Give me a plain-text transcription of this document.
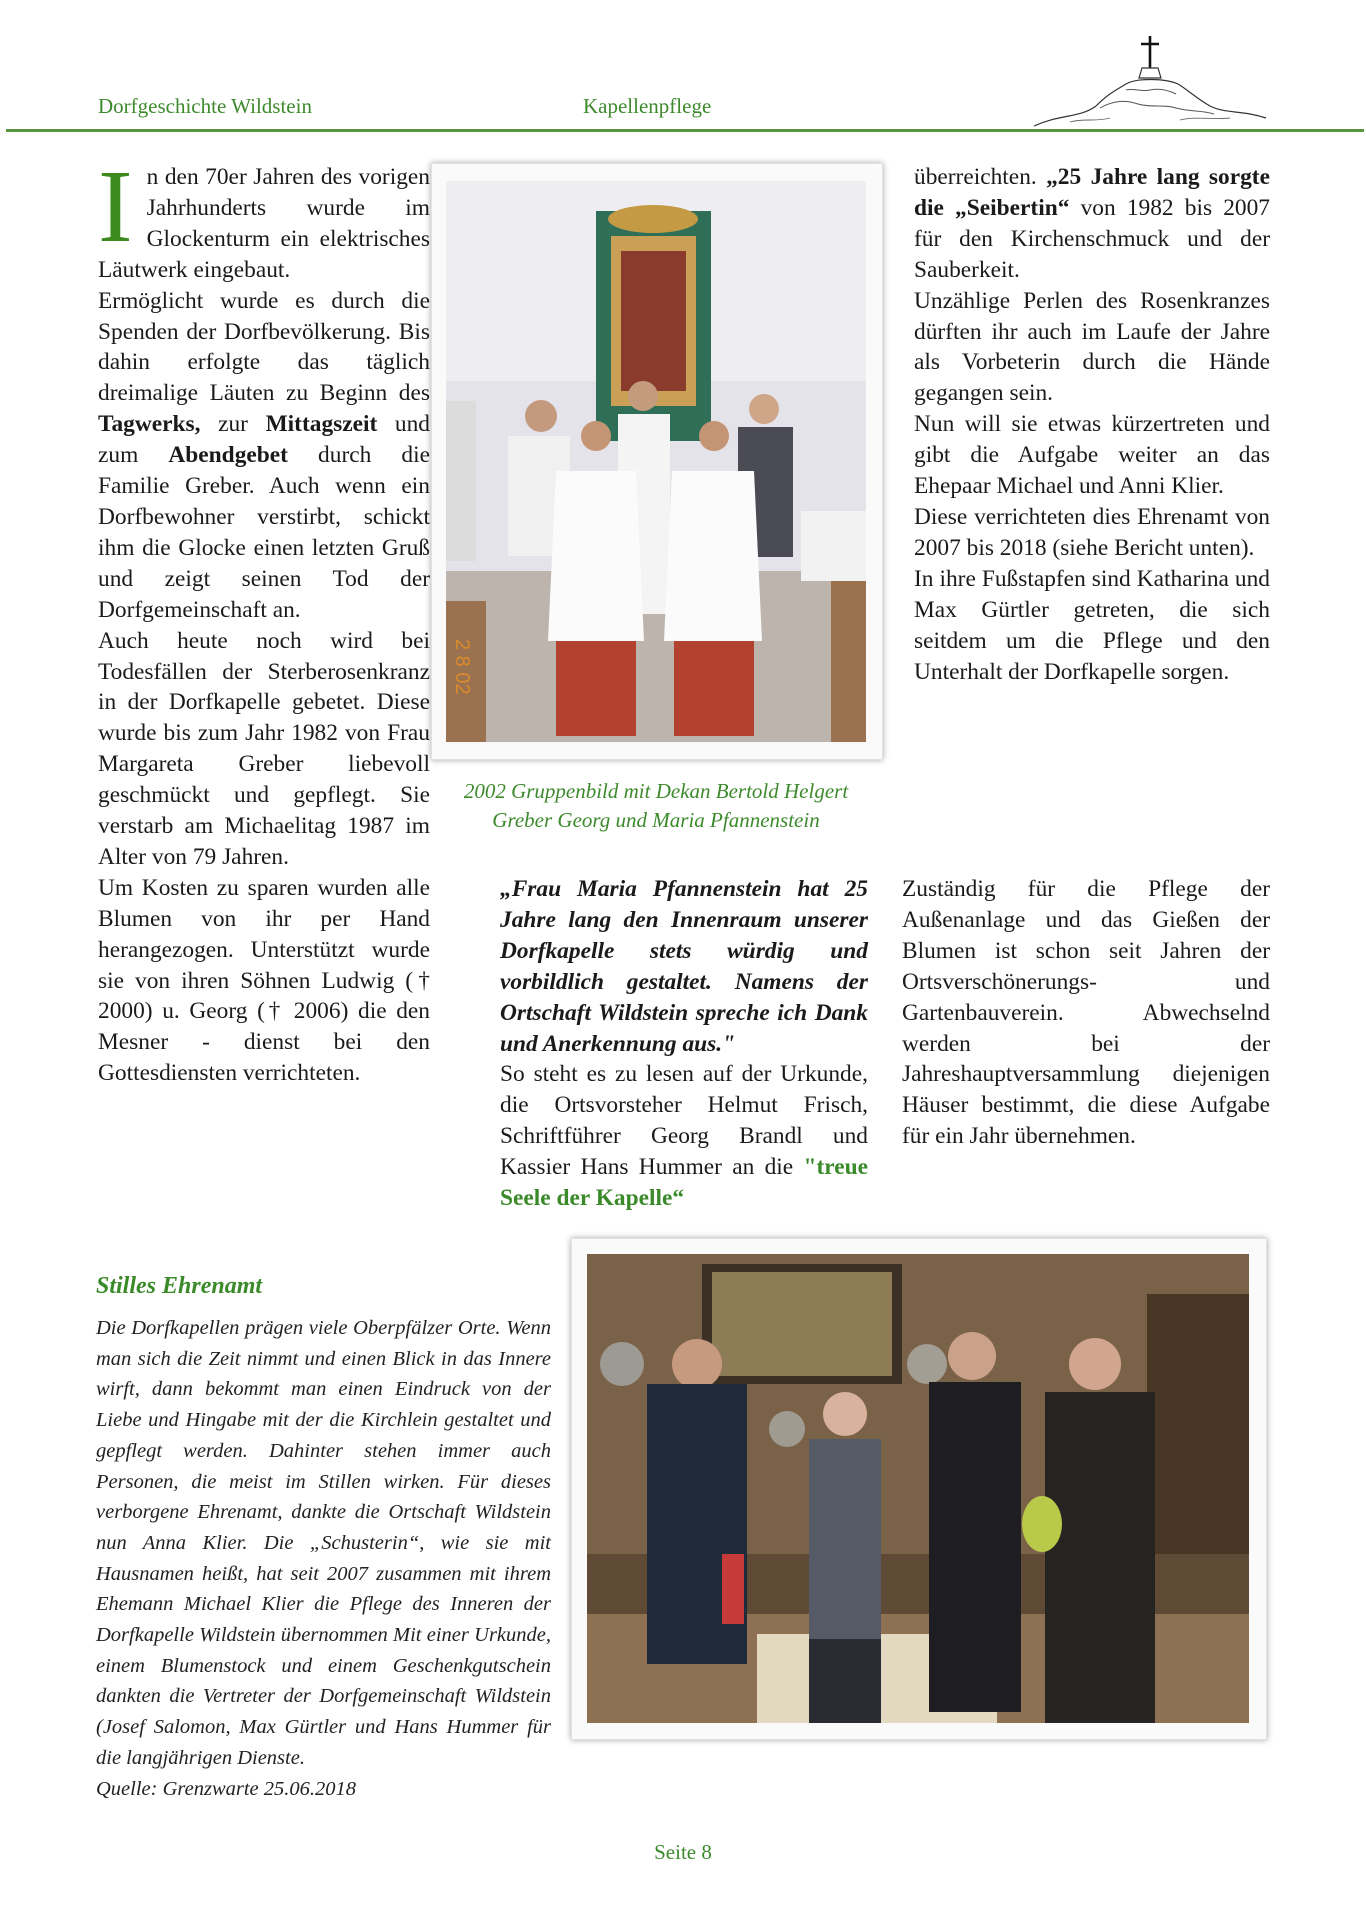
Dorfgeschichte Wildstein	Kapellenpflege

In den 70er Jahren des vorigen Jahrhunderts wurde im Glockenturm ein elektrisches Läutwerk eingebaut.

Ermöglicht wurde es durch die Spenden der Dorfbevölkerung. Bis dahin erfolgte das täglich dreimalige Läuten zu Beginn des Tagwerks, zur Mittagszeit und zum Abendgebet durch die Familie Greber. Auch wenn ein Dorfbewohner verstirbt, schickt ihm die Glocke einen letzten Gruß und zeigt seinen Tod der Dorfgemeinschaft an.

Auch heute noch wird bei Todesfällen der Sterberosenkranz in der Dorfkapelle gebetet. Diese wurde bis zum Jahr 1982 von Frau Margareta Greber liebevoll geschmückt und gepflegt. Sie verstarb am Michaelitag 1987 im Alter von 79 Jahren.

Um Kosten zu sparen wurden alle Blumen von ihr per Hand herangezogen. Unterstützt wurde sie von ihren Söhnen Ludwig († 2000) u. Georg († 2006) die den Mesner - dienst bei den Gottesdiensten verrichteten.

2 8 02
2002 Gruppenbild mit Dekan Bertold Helgert
Greber Georg und Maria Pfannenstein

„Frau Maria Pfannenstein hat 25 Jahre lang den Innenraum unserer Dorfkapelle stets würdig und vorbildlich gestaltet. Namens der Ortschaft Wildstein spreche ich Dank und Anerkennung aus."

So steht es zu lesen auf der Urkunde, die Ortsvorsteher Helmut Frisch, Schriftführer Georg Brandl und Kassier Hans Hummer an die "treue Seele der Kapelle“

überreichten. „25 Jahre lang sorgte die „Seibertin“ von 1982 bis 2007 für den Kirchenschmuck und der Sauberkeit.

Unzählige Perlen des Rosenkranzes dürften ihr auch im Laufe der Jahre als Vorbeterin durch die Hände gegangen sein.

Nun will sie etwas kürzertreten und gibt die Aufgabe weiter an das Ehepaar Michael und Anni Klier.

Diese verrichteten dies Ehrenamt von 2007 bis 2018 (siehe Bericht unten).

In ihre Fußstapfen sind Katharina und Max Gürtler getreten, die sich seitdem um die Pflege und den Unterhalt der Dorfkapelle sorgen.

Zuständig für die Pflege der Außenanlage und das Gießen der Blumen ist schon seit Jahren der Ortsverschönerungs- und Gartenbauverein. Abwechselnd werden bei der Jahreshauptversammlung diejenigen Häuser bestimmt, die diese Aufgabe für ein Jahr übernehmen.

Stilles Ehrenamt

Die Dorfkapellen prägen viele Oberpfälzer Orte. Wenn man sich die Zeit nimmt und einen Blick in das Innere wirft, dann bekommt man einen Eindruck von der Liebe und Hingabe mit der die Kirchlein gestaltet und gepflegt werden. Dahinter stehen immer auch Personen, die meist im Stillen wirken. Für dieses verborgene Ehrenamt, dankte die Ortschaft Wildstein nun Anna Klier. Die „Schusterin“, wie sie mit Hausnamen heißt, hat seit 2007 zusammen mit ihrem Ehemann Michael Klier die Pflege des Inneren der Dorfkapelle Wildstein übernommen Mit einer Urkunde, einem Blumenstock und einem Geschenkgutschein dankten die Vertreter der Dorfgemeinschaft Wildstein (Josef Salomon, Max Gürtler und Hans Hummer für die langjährigen Dienste.

Quelle: Grenzwarte 25.06.2018

Seite 8
